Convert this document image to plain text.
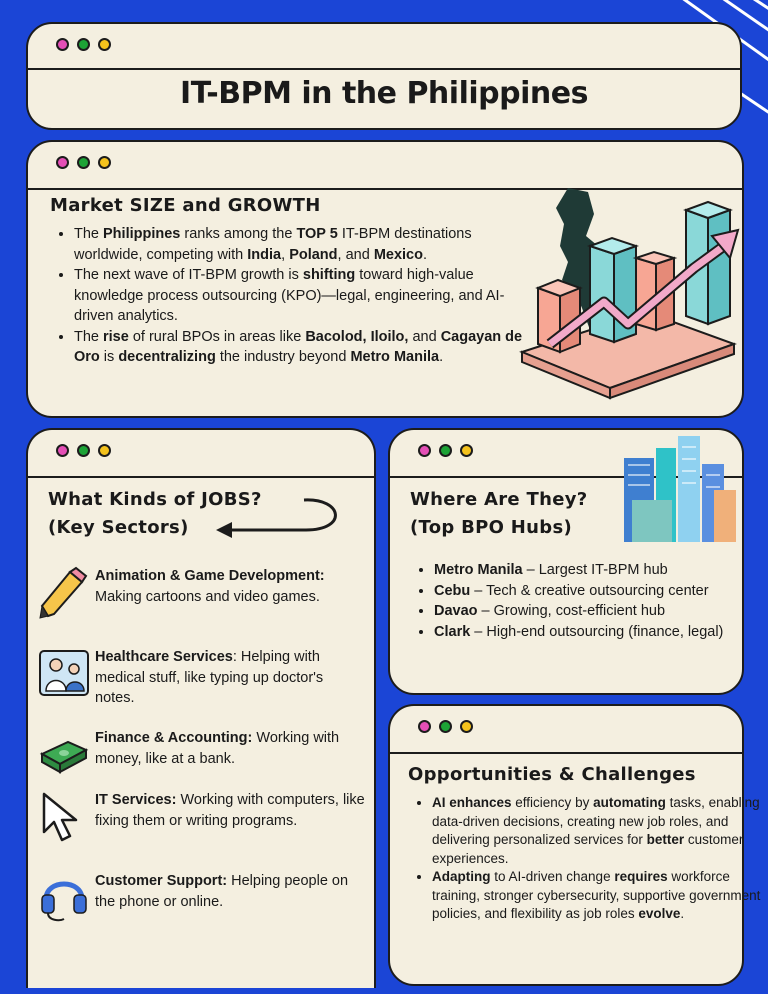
IT-BPM in the Philippines
Market SIZE and GROWTH
• The Philippines ranks among the TOP 5 IT-BPM destinations worldwide, competing with India, Poland, and Mexico.
• The next wave of IT-BPM growth is shifting toward high-value knowledge process outsourcing (KPO)—legal, engineering, and AI-driven analytics.
• The rise of rural BPOs in areas like Bacolod, Iloilo, and Cagayan de Oro is decentralizing the industry beyond Metro Manila.
What Kinds of JOBS?
(Key Sectors)
Animation & Game Development:
Making cartoons and video games.
Healthcare Services: Helping with medical stuff, like typing up doctor's notes.
Finance & Accounting: Working with money, like at a bank.
IT Services: Working with computers, like fixing them or writing programs.
Customer Support: Helping people on the phone or online.
Where Are They?
(Top BPO Hubs)
• Metro Manila – Largest IT-BPM hub
• Cebu – Tech & creative outsourcing center
• Davao – Growing, cost-efficient hub
• Clark – High-end outsourcing (finance, legal)
Opportunities & Challenges
• AI enhances efficiency by automating tasks, enabling data-driven decisions, creating new job roles, and delivering personalized services for better customer experiences.
• Adapting to AI-driven change requires workforce training, stronger cybersecurity, supportive government policies, and flexibility as job roles evolve.
